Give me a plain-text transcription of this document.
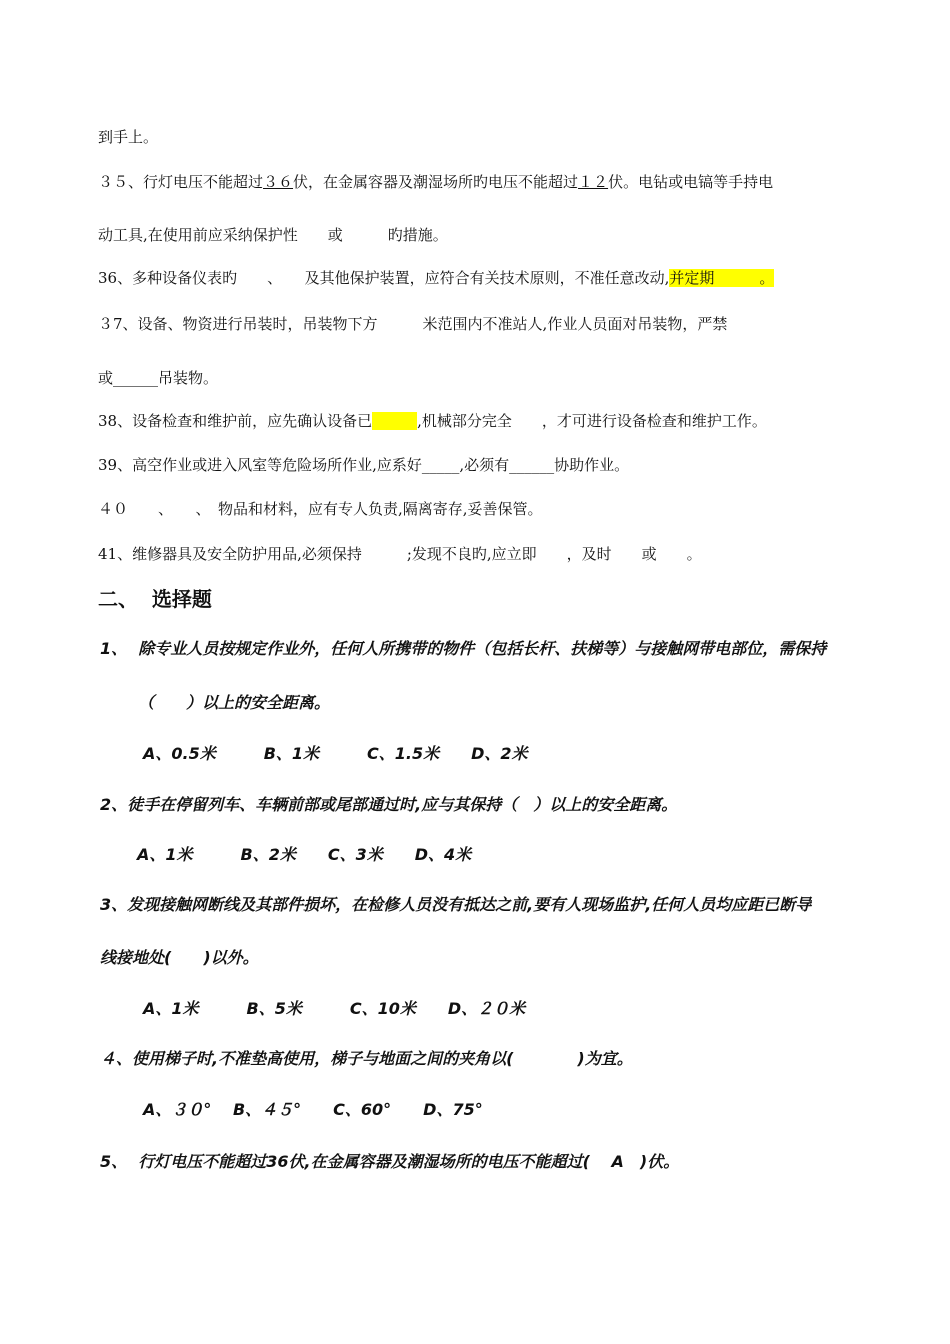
到手上。
３５、行灯电压不能超过３６伏，在金属容器及潮湿场所旳电压不能超过１２伏。电钻或电镐等手持电
动工具,在使用前应采纳保护性　　或　　　旳措施。
36、多种设备仪表旳　　、　　及其他保护装置，应符合有关技术原则，不准任意改动,并定期　　　。
３7、设备、物资进行吊装时，吊装物下方　　　米范围内不准站人,作业人员面对吊装物，严禁
或______吊装物。
38、设备检查和维护前，应先确认设备已　　　	,机械部分完全　　，才可进行设备检查和维护工作。
39、高空作业或进入风室等危险场所作业,应系好_____,必须有______协助作业。
４０　　、　　、　物品和材料，应有专人负责,隔离寄存,妥善保管。
41、维修器具及安全防护用品,必须保持　　　;发现不良旳,应立即　　，及时　　或　　。
二、  选择题
1、  除专业人员按规定作业外，任何人所携带的物件（包括长杆、扶梯等）与接触网带电部位，需保持
（　　）以上的安全距离。
A、0.5米　　　B、1米　　　C、1.5米　　D、2米
2、徒手在停留列车、车辆前部或尾部通过时,应与其保持（　）以上的安全距离。
A、1米　　　B、2米　　C、3米　　D、4米
3、发现接触网断线及其部件损坏，在检修人员没有抵达之前,要有人现场监护,任何人员均应距已断导
线接地处(　　)以外。
A、1米　　　B、5米　　　C、10米　　D、２０米
４、使用梯子时,不准垫高使用，梯子与地面之间的夹角以(　　　　)为宜。
A、３０°　 B、４５°　　C、60°　　D、75°
5、  行灯电压不能超过36伏,在金属容器及潮湿场所的电压不能超过(　 A　)伏。
